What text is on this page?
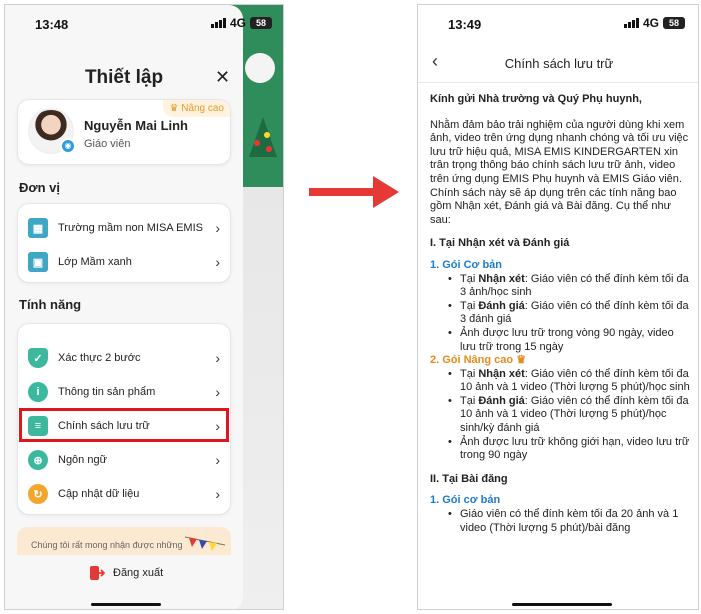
13:48	4G	58
Thiết lập	✕
◉
Nguyễn Mai Linh
Giáo viên
♛ Nâng cao
Đơn vị
▦	Trường mầm non MISA EMIS ›
▣	Lớp Mầm xanh	›
Tính năng
✓	Xác thực 2 bước	›
i	Thông tin sản phẩm	›
≡	Chính sách lưu trữ	›
⊕	Ngôn ngữ	›
↻	Cập nhật dữ liệu	›
Chúng tôi rất mong nhận được những
Đăng xuất
13:49	4G	58
‹	Chính sách lưu trữ

Kính gửi Nhà trường và Quý Phụ huynh,

Nhằm đảm bảo trải nghiệm của người dùng khi xem ảnh, video trên ứng dụng nhanh chóng và tối ưu việc lưu trữ hiệu quả, MISA EMIS KINDERGARTEN xin trân trọng thông báo chính sách lưu trữ ảnh, video trên ứng dụng EMIS Phụ huynh và EMIS Giáo viên.

Chính sách này sẽ áp dụng trên các tính năng bao gồm Nhận xét, Đánh giá và Bài đăng. Cụ thể như sau:

I. Tại Nhận xét và Đánh giá

1. Gói Cơ bản

• Tại Nhận xét: Giáo viên có thể đính kèm tối đa 3 ảnh/học sinh
• Tại Đánh giá: Giáo viên có thể đính kèm tối đa 3 đánh giá
• Ảnh được lưu trữ trong vòng 90 ngày, video lưu trữ trong 15 ngày

2. Gói Nâng cao ♛

• Tại Nhận xét: Giáo viên có thể đính kèm tối đa 10 ảnh và 1 video (Thời lượng 5 phút)/học sinh
• Tại Đánh giá: Giáo viên có thể đính kèm tối đa 10 ảnh và 1 video (Thời lượng 5 phút)/học sinh/kỳ đánh giá
• Ảnh được lưu trữ không giới hạn, video lưu trữ trong 90 ngày

II. Tại Bài đăng

1. Gói cơ bản

• Giáo viên có thể đính kèm tối đa 20 ảnh và 1 video (Thời lượng 5 phút)/bài đăng
